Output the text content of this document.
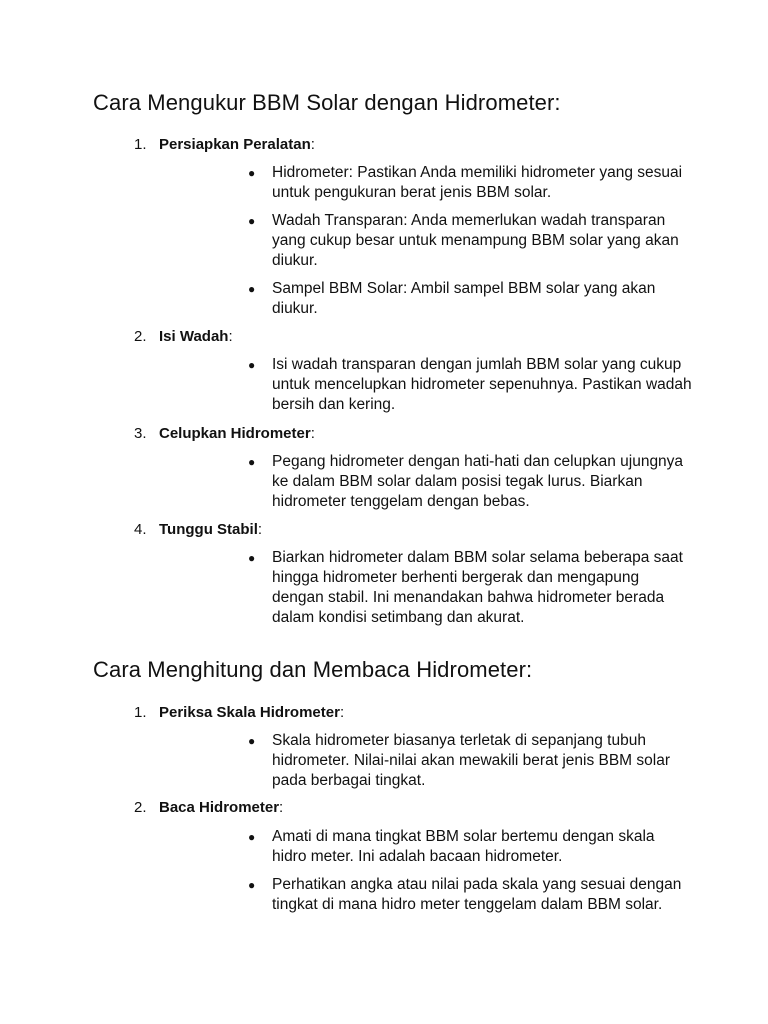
Cara Mengukur BBM Solar dengan Hidrometer:
1. Persiapkan Peralatan:
● Hidrometer: Pastikan Anda memiliki hidrometer yang sesuai untuk pengukuran berat jenis BBM solar.
● Wadah Transparan: Anda memerlukan wadah transparan yang cukup besar untuk menampung BBM solar yang akan diukur.
● Sampel BBM Solar: Ambil sampel BBM solar yang akan diukur.
2. Isi Wadah:
● Isi wadah transparan dengan jumlah BBM solar yang cukup untuk mencelupkan hidrometer sepenuhnya. Pastikan wadah bersih dan kering.
3. Celupkan Hidrometer:
● Pegang hidrometer dengan hati-hati dan celupkan ujungnya ke dalam BBM solar dalam posisi tegak lurus. Biarkan hidrometer tenggelam dengan bebas.
4. Tunggu Stabil:
● Biarkan hidrometer dalam BBM solar selama beberapa saat hingga hidrometer berhenti bergerak dan mengapung dengan stabil. Ini menandakan bahwa hidrometer berada dalam kondisi setimbang dan akurat.
Cara Menghitung dan Membaca Hidrometer:
1. Periksa Skala Hidrometer:
● Skala hidrometer biasanya terletak di sepanjang tubuh hidrometer. Nilai-nilai akan mewakili berat jenis BBM solar pada berbagai tingkat.
2. Baca Hidrometer:
● Amati di mana tingkat BBM solar bertemu dengan skala hidro meter. Ini adalah bacaan hidrometer.
● Perhatikan angka atau nilai pada skala yang sesuai dengan tingkat di mana hidro meter tenggelam dalam BBM solar.
